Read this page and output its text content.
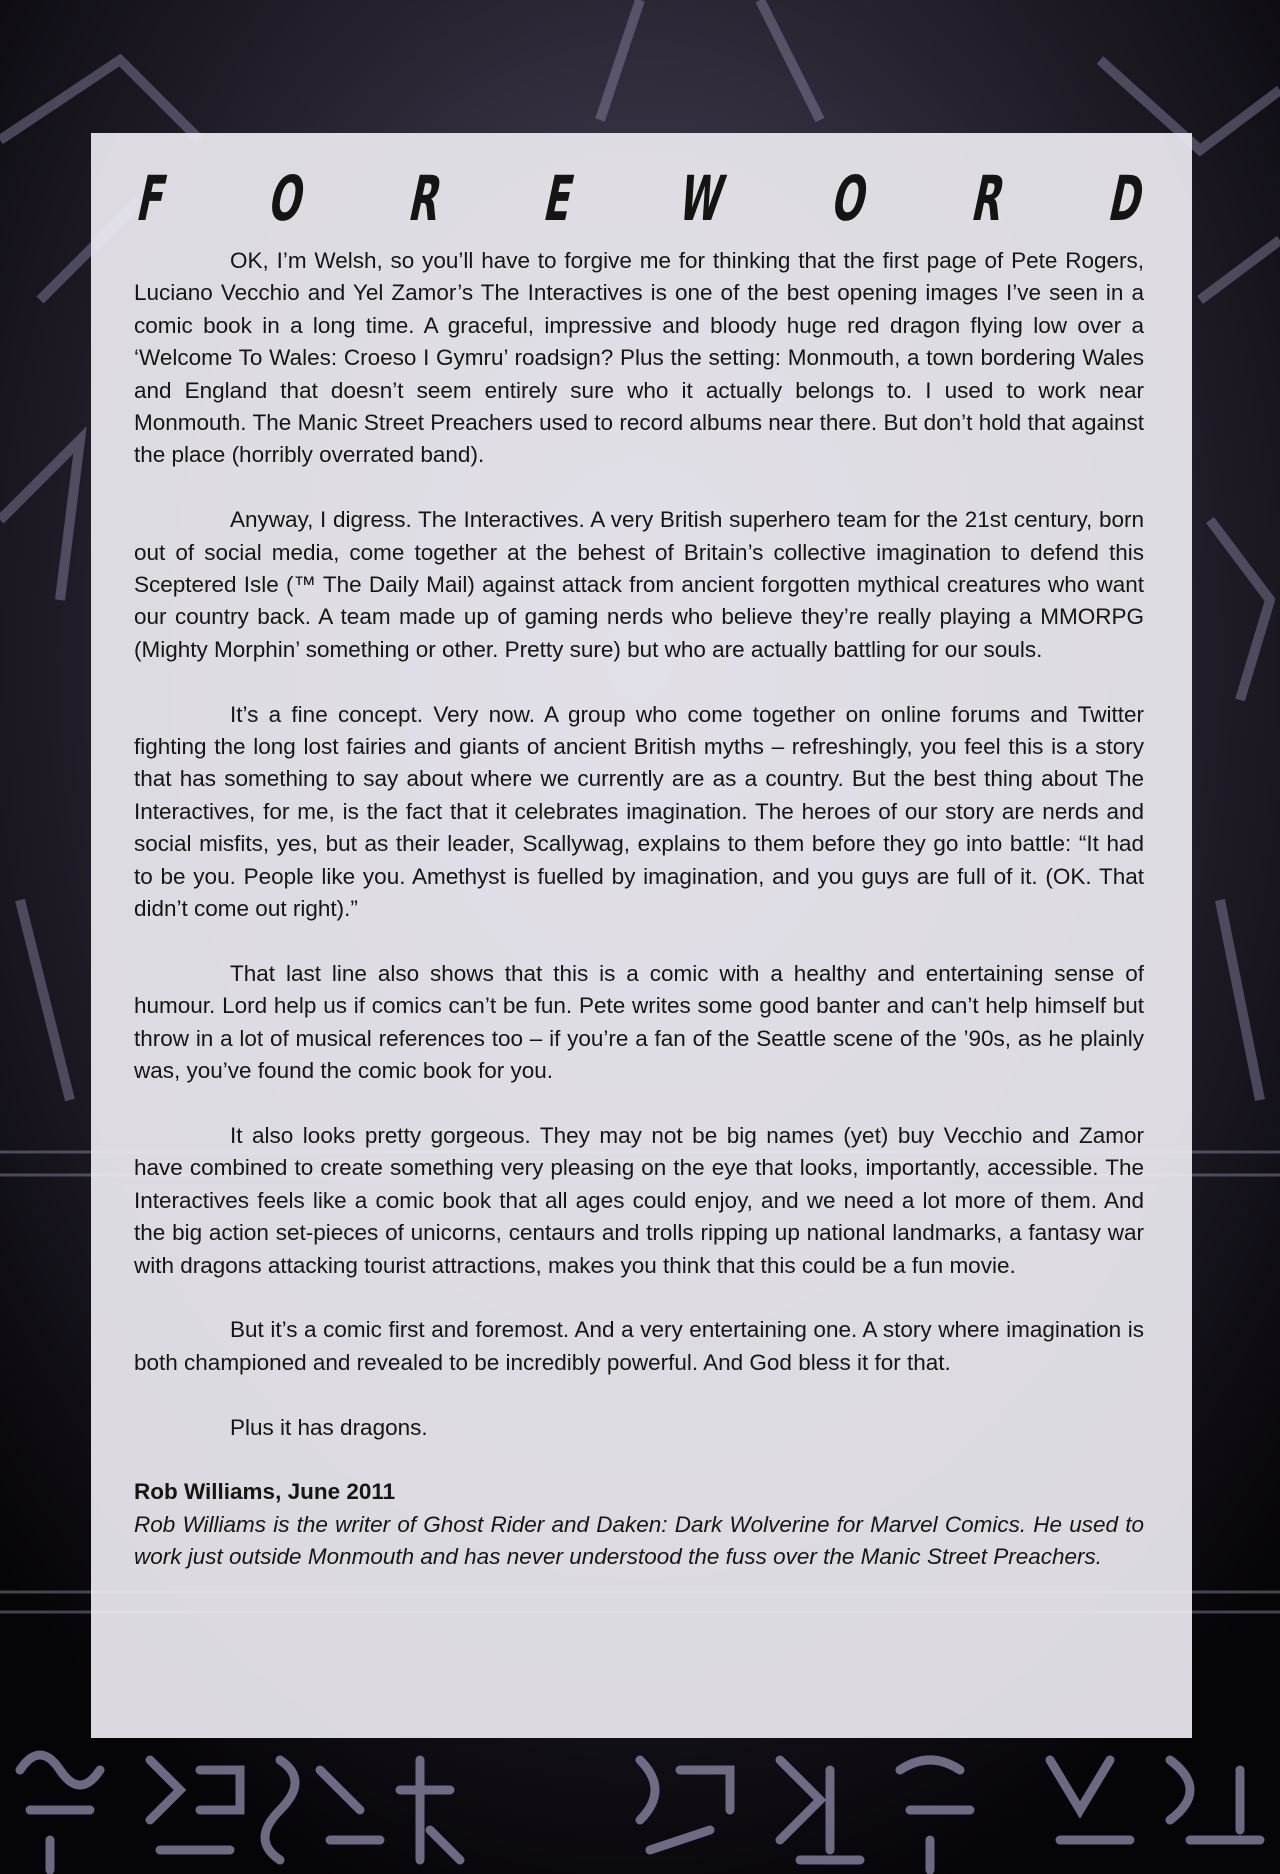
F O R E W O R D

OK, I’m Welsh, so you’ll have to forgive me for thinking that the first page of Pete Rogers, Luciano Vecchio and Yel Zamor’s The Interactives is one of the best opening images I’ve seen in a comic book in a long time. A graceful, impressive and bloody huge red dragon flying low over a ‘Welcome To Wales: Croeso I Gymru’ roadsign? Plus the setting: Monmouth, a town bordering Wales and England that doesn’t seem entirely sure who it actually belongs to. I used to work near Monmouth. The Manic Street Preachers used to record albums near there. But don’t hold that against the place (horribly overrated band).

Anyway, I digress. The Interactives. A very British superhero team for the 21st century, born out of social media, come together at the behest of Britain’s collective imagination to defend this Sceptered Isle (™ The Daily Mail) against attack from ancient forgotten mythical creatures who want our country back. A team made up of gaming nerds who believe they’re really playing a MMORPG (Mighty Morphin’ something or other. Pretty sure) but who are actually battling for our souls.

It’s a fine concept. Very now. A group who come together on online forums and Twitter fighting the long lost fairies and giants of ancient British myths – refreshingly, you feel this is a story that has something to say about where we currently are as a country. But the best thing about The Interactives, for me, is the fact that it celebrates imagination. The heroes of our story are nerds and social misfits, yes, but as their leader, Scallywag, explains to them before they go into battle: “It had to be you. People like you. Amethyst is fuelled by imagination, and you guys are full of it. (OK. That didn’t come out right).”

That last line also shows that this is a comic with a healthy and entertaining sense of humour. Lord help us if comics can’t be fun. Pete writes some good banter and can’t help himself but throw in a lot of musical references too – if you’re a fan of the Seattle scene of the ’90s, as he plainly was, you’ve found the comic book for you.

It also looks pretty gorgeous. They may not be big names (yet) buy Vecchio and Zamor have combined to create something very pleasing on the eye that looks, importantly, accessible. The Interactives feels like a comic book that all ages could enjoy, and we need a lot more of them. And the big action set-pieces of unicorns, centaurs and trolls ripping up national landmarks, a fantasy war with dragons attacking tourist attractions, makes you think that this could be a fun movie.

But it’s a comic first and foremost. And a very entertaining one. A story where imagination is both championed and revealed to be incredibly powerful. And God bless it for that.

Plus it has dragons.

Rob Williams, June 2011
Rob Williams is the writer of Ghost Rider and Daken: Dark Wolverine for Marvel Comics. He used to work just outside Monmouth and has never understood the fuss over the Manic Street Preachers.
